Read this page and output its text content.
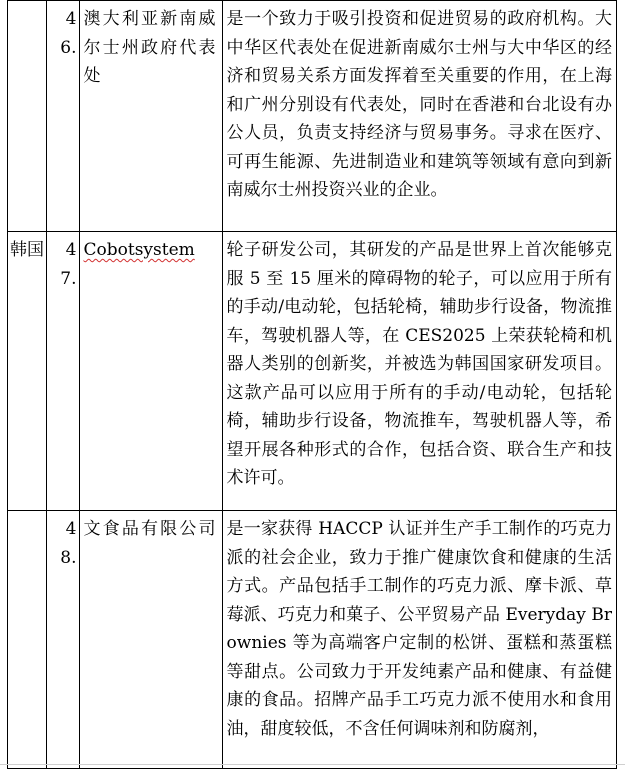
	46.	澳大利亚新南威尔士州政府代表处	是一个致力于吸引投资和促进贸易的政府机构。大中华区代表处在促进新南威尔士州与大中华区的经济和贸易关系方面发挥着至关重要的作用，在上海和广州分别设有代表处，同时在香港和台北设有办公人员，负责支持经济与贸易事务。寻求在医疗、可再生能源、先进制造业和建筑等领域有意向到新南威尔士州投资兴业的企业。
韩国	47.	Cobotsystem	轮子研发公司，其研发的产品是世界上首次能够克服 5 至 15 厘米的障碍物的轮子，可以应用于所有的手动/电动轮，包括轮椅，辅助步行设备，物流推车，驾驶机器人等，在 CES2025 上荣获轮椅和机器人类别的创新奖，并被选为韩国国家研发项目。这款产品可以应用于所有的手动/电动轮，包括轮椅，辅助步行设备，物流推车，驾驶机器人等，希望开展各种形式的合作，包括合资、联合生产和技术许可。
	48.	文食品有限公司	是一家获得 HACCP 认证并生产手工制作的巧克力派的社会企业，致力于推广健康饮食和健康的生活方式。产品包括手工制作的巧克力派、摩卡派、草莓派、巧克力和菓子、公平贸易产品 Everyday Brownies 等为高端客户定制的松饼、蛋糕和蒸蛋糕等甜点。公司致力于开发纯素产品和健康、有益健康的食品。招牌产品手工巧克力派不使用水和食用油，甜度较低，不含任何调味剂和防腐剂，
